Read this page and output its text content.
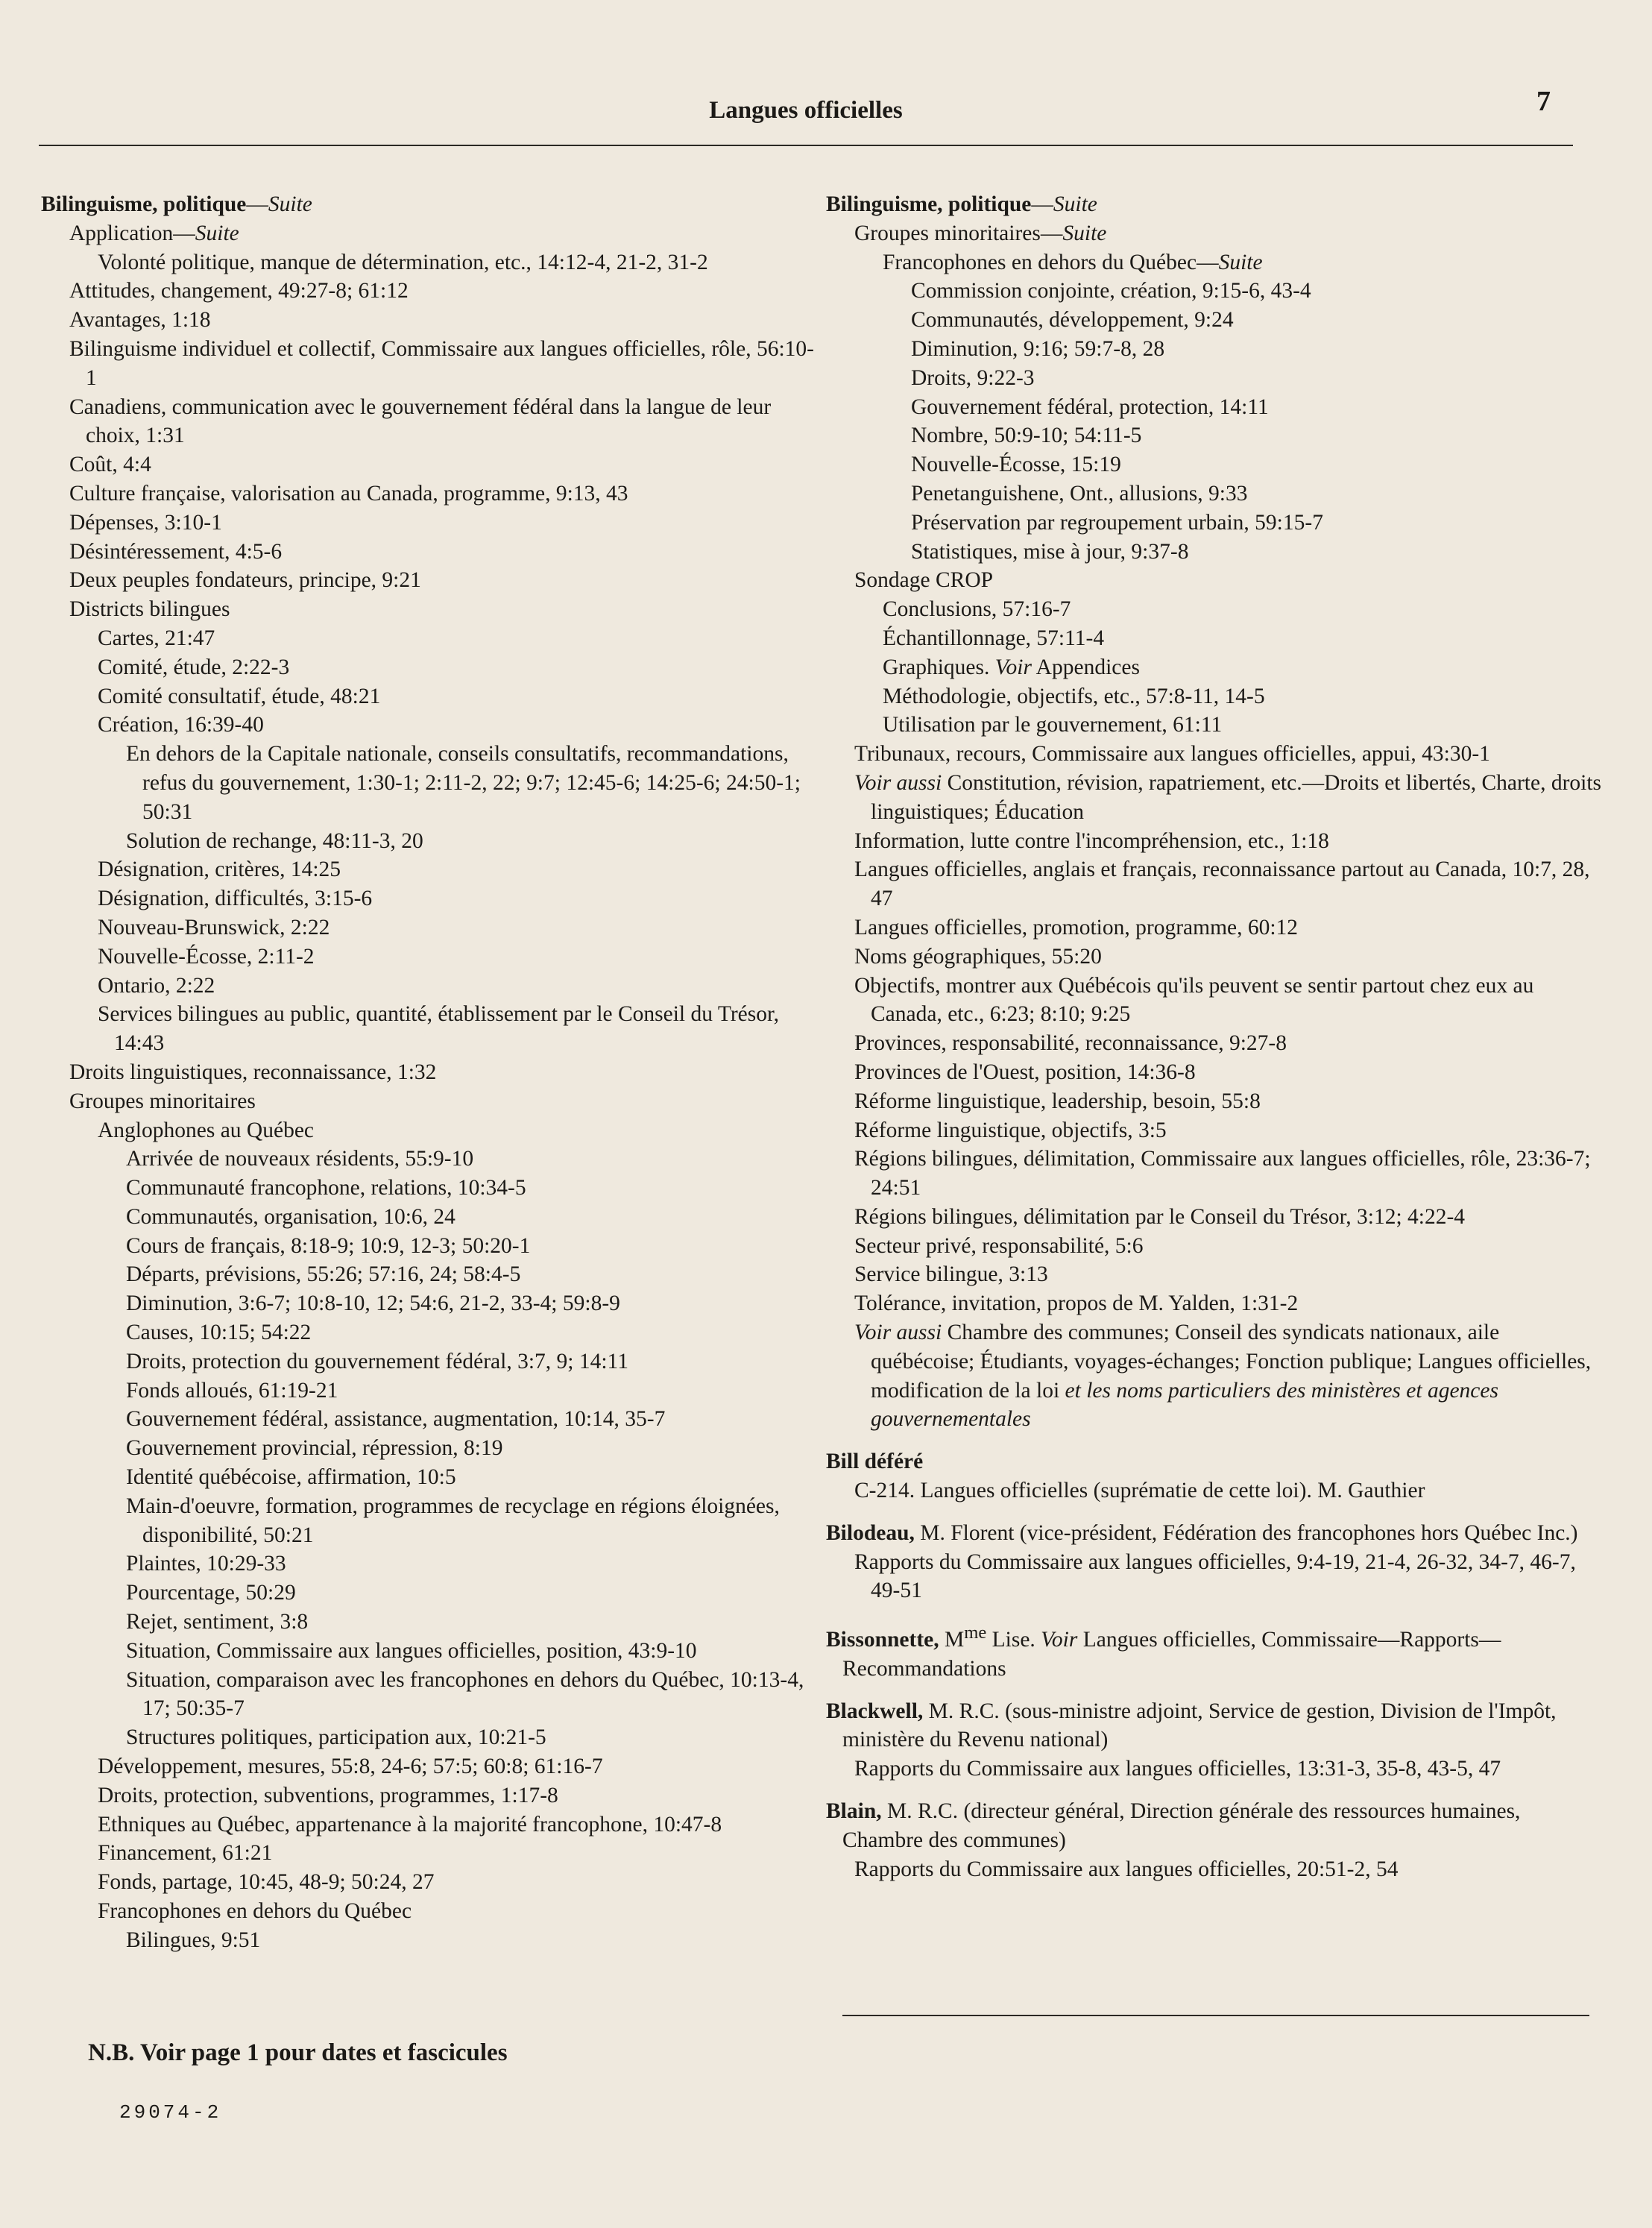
Langues officielles	7
Bilinguisme, politique—Suite
Application—Suite
Volonté politique, manque de détermination, etc., 14:12-4, 21-2, 31-2
Attitudes, changement, 49:27-8; 61:12
Avantages, 1:18
Bilinguisme individuel et collectif, Commissaire aux langues officielles, rôle, 56:10-1
Canadiens, communication avec le gouvernement fédéral dans la langue de leur choix, 1:31
Coût, 4:4
Culture française, valorisation au Canada, programme, 9:13, 43
Dépenses, 3:10-1
Désintéressement, 4:5-6
Deux peuples fondateurs, principe, 9:21
Districts bilingues
Cartes, 21:47
Comité, étude, 2:22-3
Comité consultatif, étude, 48:21
Création, 16:39-40
En dehors de la Capitale nationale, conseils consultatifs, recommandations, refus du gouvernement, 1:30-1; 2:11-2, 22; 9:7; 12:45-6; 14:25-6; 24:50-1; 50:31
Solution de rechange, 48:11-3, 20
Désignation, critères, 14:25
Désignation, difficultés, 3:15-6
Nouveau-Brunswick, 2:22
Nouvelle-Écosse, 2:11-2
Ontario, 2:22
Services bilingues au public, quantité, établissement par le Conseil du Trésor, 14:43
Droits linguistiques, reconnaissance, 1:32
Groupes minoritaires
Anglophones au Québec
Arrivée de nouveaux résidents, 55:9-10
Communauté francophone, relations, 10:34-5
Communautés, organisation, 10:6, 24
Cours de français, 8:18-9; 10:9, 12-3; 50:20-1
Départs, prévisions, 55:26; 57:16, 24; 58:4-5
Diminution, 3:6-7; 10:8-10, 12; 54:6, 21-2, 33-4; 59:8-9
Causes, 10:15; 54:22
Droits, protection du gouvernement fédéral, 3:7, 9; 14:11
Fonds alloués, 61:19-21
Gouvernement fédéral, assistance, augmentation, 10:14, 35-7
Gouvernement provincial, répression, 8:19
Identité québécoise, affirmation, 10:5
Main-d'oeuvre, formation, programmes de recyclage en régions éloignées, disponibilité, 50:21
Plaintes, 10:29-33
Pourcentage, 50:29
Rejet, sentiment, 3:8
Situation, Commissaire aux langues officielles, position, 43:9-10
Situation, comparaison avec les francophones en dehors du Québec, 10:13-4, 17; 50:35-7
Structures politiques, participation aux, 10:21-5
Développement, mesures, 55:8, 24-6; 57:5; 60:8; 61:16-7
Droits, protection, subventions, programmes, 1:17-8
Ethniques au Québec, appartenance à la majorité francophone, 10:47-8
Financement, 61:21
Fonds, partage, 10:45, 48-9; 50:24, 27
Francophones en dehors du Québec
Bilingues, 9:51
Bilinguisme, politique—Suite
Groupes minoritaires—Suite
Francophones en dehors du Québec—Suite
Commission conjointe, création, 9:15-6, 43-4
Communautés, développement, 9:24
Diminution, 9:16; 59:7-8, 28
Droits, 9:22-3
Gouvernement fédéral, protection, 14:11
Nombre, 50:9-10; 54:11-5
Nouvelle-Écosse, 15:19
Penetanguishene, Ont., allusions, 9:33
Préservation par regroupement urbain, 59:15-7
Statistiques, mise à jour, 9:37-8
Sondage CROP
Conclusions, 57:16-7
Échantillonnage, 57:11-4
Graphiques. Voir Appendices
Méthodologie, objectifs, etc., 57:8-11, 14-5
Utilisation par le gouvernement, 61:11
Tribunaux, recours, Commissaire aux langues officielles, appui, 43:30-1
Voir aussi Constitution, révision, rapatriement, etc.—Droits et libertés, Charte, droits linguistiques; Éducation
Information, lutte contre l'incompréhension, etc., 1:18
Langues officielles, anglais et français, reconnaissance partout au Canada, 10:7, 28, 47
Langues officielles, promotion, programme, 60:12
Noms géographiques, 55:20
Objectifs, montrer aux Québécois qu'ils peuvent se sentir partout chez eux au Canada, etc., 6:23; 8:10; 9:25
Provinces, responsabilité, reconnaissance, 9:27-8
Provinces de l'Ouest, position, 14:36-8
Réforme linguistique, leadership, besoin, 55:8
Réforme linguistique, objectifs, 3:5
Régions bilingues, délimitation, Commissaire aux langues officielles, rôle, 23:36-7; 24:51
Régions bilingues, délimitation par le Conseil du Trésor, 3:12; 4:22-4
Secteur privé, responsabilité, 5:6
Service bilingue, 3:13
Tolérance, invitation, propos de M. Yalden, 1:31-2
Voir aussi Chambre des communes; Conseil des syndicats nationaux, aile québécoise; Étudiants, voyages-échanges; Fonction publique; Langues officielles, modification de la loi et les noms particuliers des ministères et agences gouvernementales
Bill déféré
C-214. Langues officielles (suprématie de cette loi). M. Gauthier
Bilodeau, M. Florent (vice-président, Fédération des francophones hors Québec Inc.)
Rapports du Commissaire aux langues officielles, 9:4-19, 21-4, 26-32, 34-7, 46-7, 49-51
Bissonnette, $M^{me}$ Lise. Voir Langues officielles, Commissaire—Rapports—Recommandations
Blackwell, M. R.C. (sous-ministre adjoint, Service de gestion, Division de l'Impôt, ministère du Revenu national)
Rapports du Commissaire aux langues officielles, 13:31-3, 35-8, 43-5, 47
Blain, M. R.C. (directeur général, Direction générale des ressources humaines, Chambre des communes)
Rapports du Commissaire aux langues officielles, 20:51-2, 54
N.B. Voir page 1 pour dates et fascicules
29074-2
